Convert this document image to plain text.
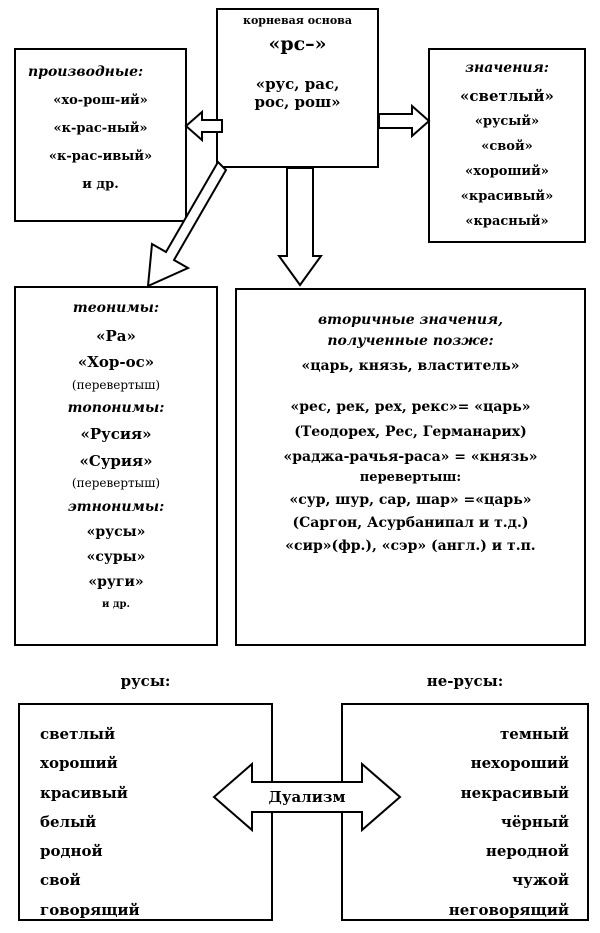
корневая основа
«рс–»
«рус, рас,
рос, рош»
производные:
«хо-рош-ий»
«к-рас-ный»
«к-рас-ивый»
и др.
значения:
«светлый»
«русый»
«свой»
«хороший»
«красивый»
«красный»
теонимы:
«Ра»
«Хор-ос»
(перевертыш)
топонимы:
«Русия»
«Сурия»
(перевертыш)
этнонимы:
«русы»
«суры»
«руги»
и др.
вторичные значения,
полученные позже:
«царь, князь, властитель»
«рес, рек, рех, рекс»= «царь»
(Теодорех, Рес, Германарих)
«раджа-рачья-раса» = «князь»
перевертыш:
«сур, шур, сар, шар» =«царь»
(Саргон, Асурбанипал и т.д.)
«сир»(фр.), «сэр» (англ.) и т.п.
русы:	не-русы:
светлый
хороший
красивый
белый
родной
свой
говорящий
темный
нехороший
некрасивый
чёрный
неродной
чужой
неговорящий
Дуализм
